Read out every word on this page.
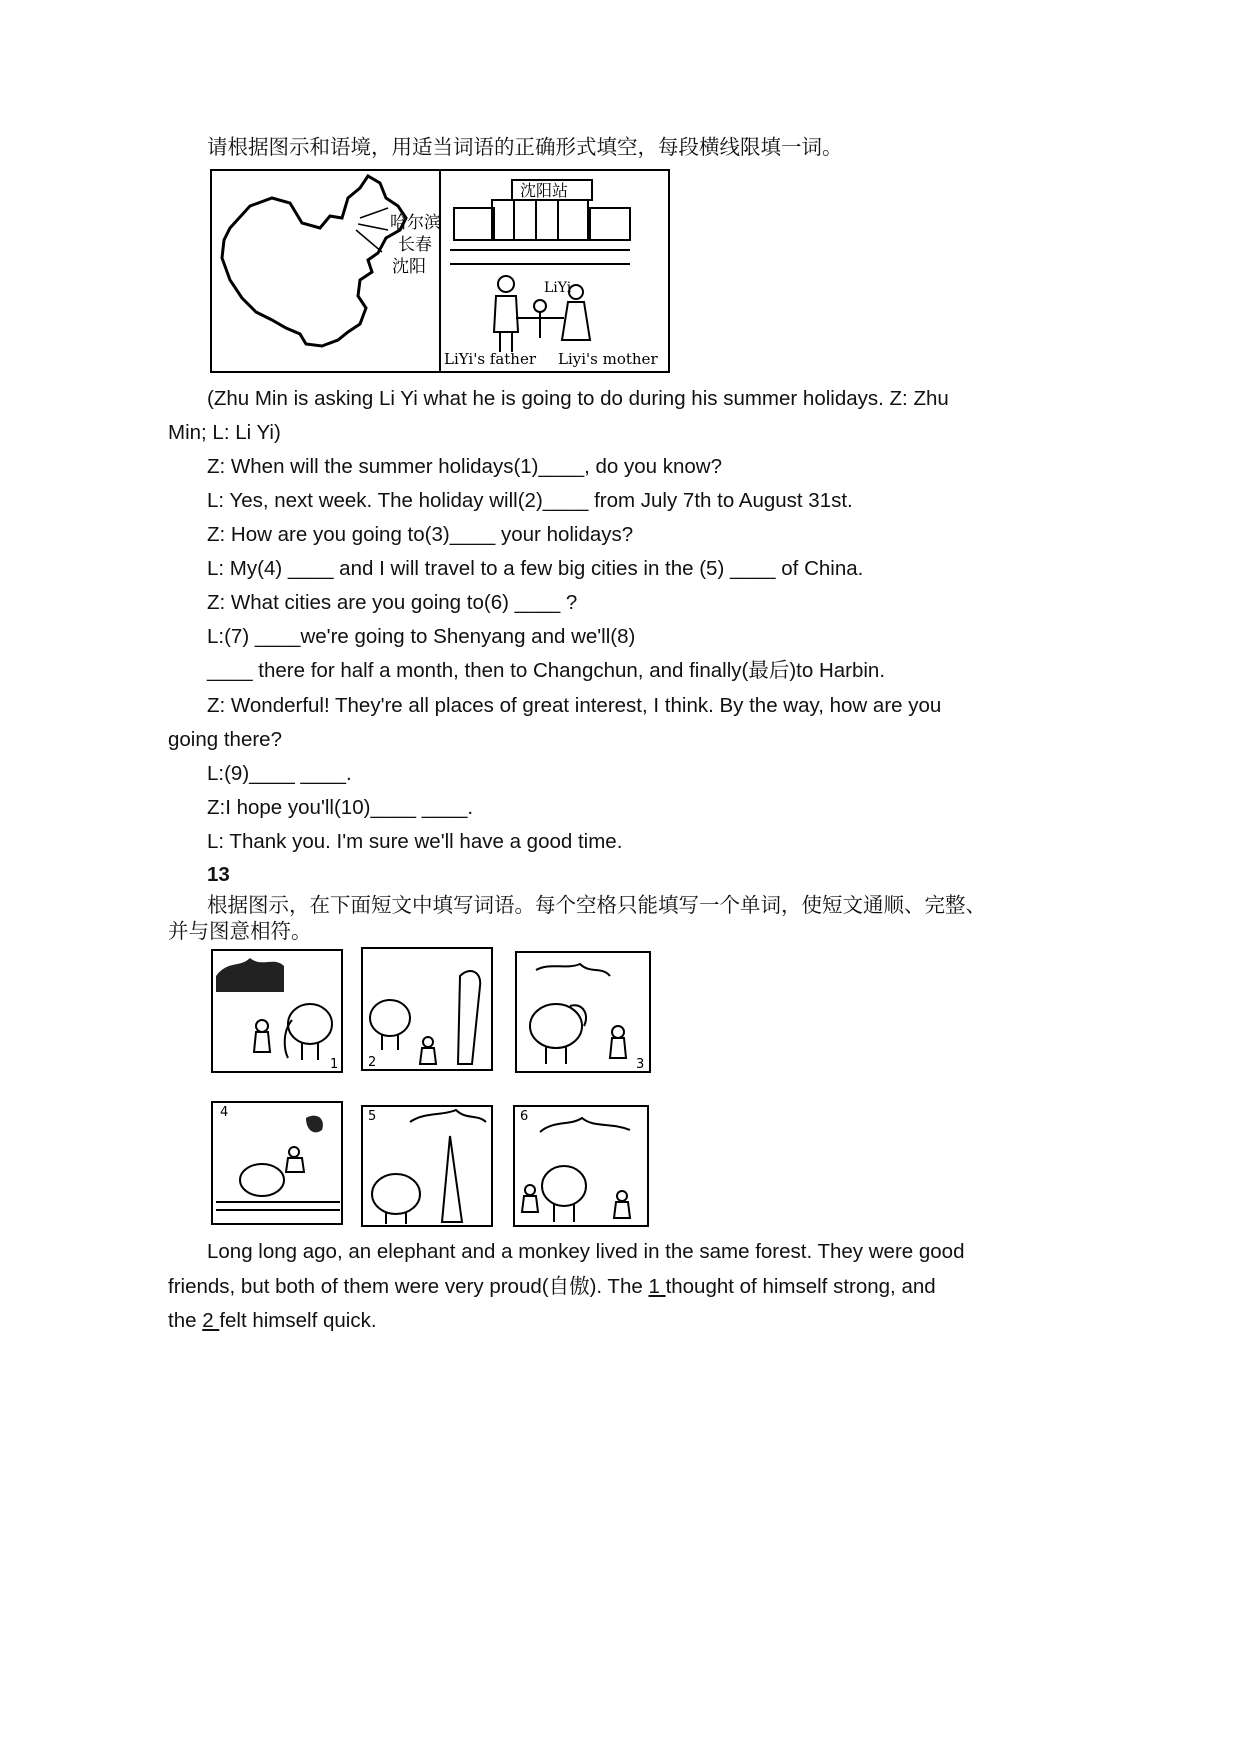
请根据图示和语境，用适当词语的正确形式填空，每段横线限填一词。
哈尔滨
长春
沈阳
沈阳站
LiYi
LiYi's father Liyi's mother
(Zhu Min is asking Li Yi what he is going to do during his summer holidays. Z: Zhu
Min; L: Li Yi)
Z: When will the summer holidays(1)____, do you know?
L: Yes, next week. The holiday will(2)____ from July 7th to August 31st.
Z: How are you going to(3)____ your holidays?
L: My(4) ____ and I will travel to a few big cities in the (5) ____ of China.
Z: What cities are you going to(6) ____ ?
L:(7) ____we're going to Shenyang and we'll(8)
____ there for half a month, then to Changchun, and finally(最后)to Harbin.
Z: Wonderful! They're all places of great interest, I think. By the way, how are you
going there?
L:(9)____ ____.
Z:I hope you'll(10)____ ____.
L: Thank you. I'm sure we'll have a good time.
13
根据图示，在下面短文中填写词语。每个空格只能填写一个单词，使短文通顺、完整、
并与图意相符。
1 2	3
4	5	6
Long long ago, an elephant and a monkey lived in the same forest. They were good
friends, but both of them were very proud(自傲). The 1 thought of himself strong, and
the 2 felt himself quick.
